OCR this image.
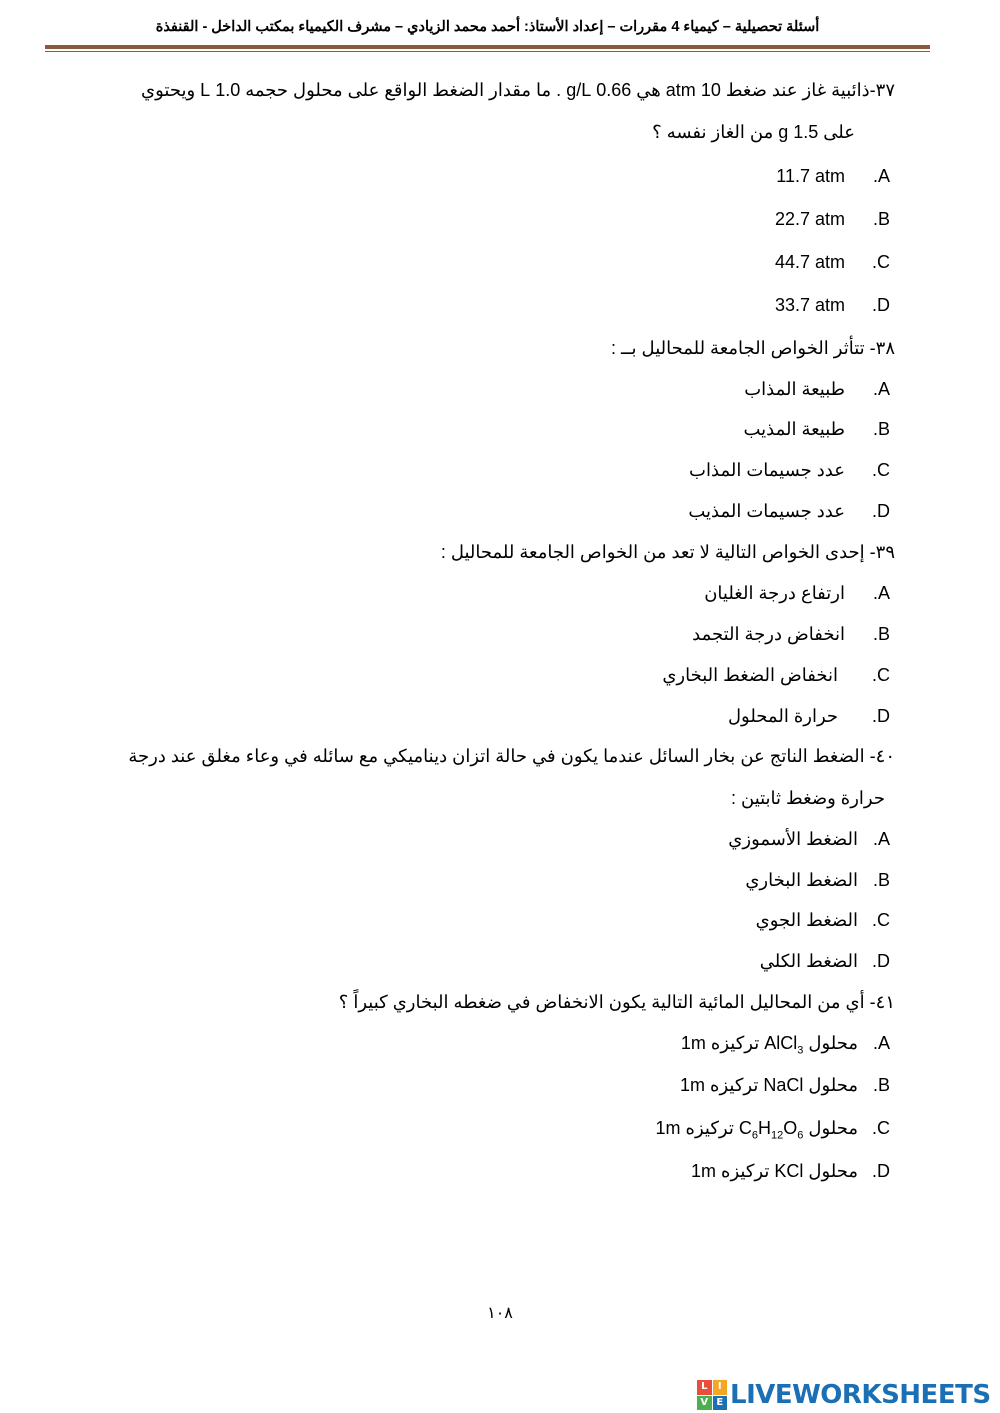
أسئلة تحصيلية – كيمياء 4 مقررات – إعداد الأستاذ: أحمد محمد الزيادي – مشرف الكيمياء بمكتب الداخل - القنفذة
٣٧-ذائبية غاز عند ضغط 10 atm هي 0.66 g/L . ما مقدار الضغط الواقع على محلول حجمه 1.0 L ويحتوي
على 1.5 g من الغاز نفسه ؟
.A
11.7 atm
.B
22.7 atm
.C
44.7 atm
.D
33.7 atm
٣٨- تتأثر الخواص الجامعة للمحاليل بــ :
.A
طبيعة المذاب
.B
طبيعة المذيب
.C
عدد جسيمات المذاب
.D
عدد جسيمات المذيب
٣٩- إحدى الخواص التالية لا تعد من الخواص الجامعة للمحاليل :
.A
ارتفاع درجة الغليان
.B
انخفاض درجة التجمد
.C
انخفاض الضغط البخاري
.D
حرارة المحلول
٤٠- الضغط الناتج عن بخار السائل عندما يكون في حالة اتزان ديناميكي مع سائله في وعاء مغلق عند درجة
حرارة وضغط ثابتين :
.A
الضغط الأسموزي
.B
الضغط البخاري
.C
الضغط الجوي
.D
الضغط الكلي
٤١- أي من المحاليل المائية التالية يكون الانخفاض في ضغطه البخاري كبيراً ؟
.A
محلول AlCl$_3$ تركيزه 1m
.B
محلول NaCl تركيزه 1m
.C
محلول $C_6H_{12}O_6$ تركيزه 1m
.D
محلول KCl تركيزه 1m
١٠٨
L	I
V E LIVEWORKSHEETS
